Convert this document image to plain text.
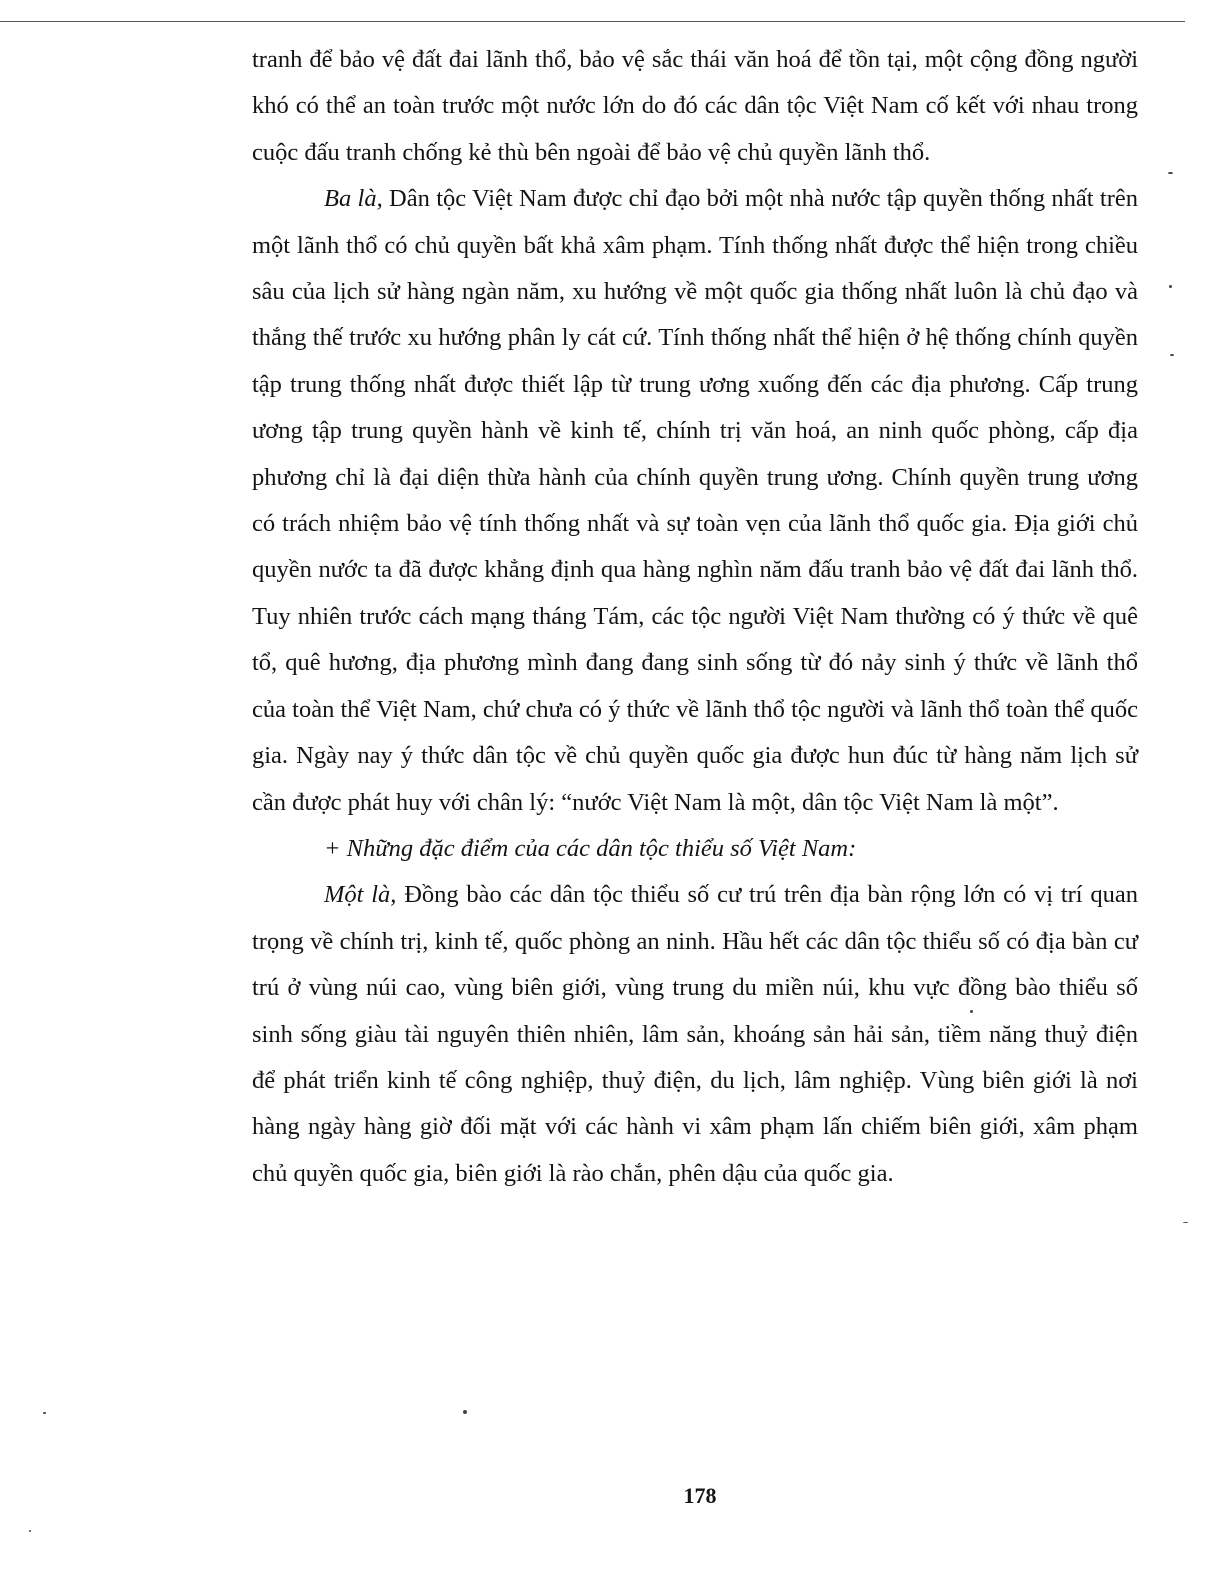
tranh để bảo vệ đất đai lãnh thổ, bảo vệ sắc thái văn hoá để tồn tại, một cộng đồng người khó có thể an toàn trước một nước lớn do đó các dân tộc Việt Nam cố kết với nhau trong cuộc đấu tranh chống kẻ thù bên ngoài để bảo vệ chủ quyền lãnh thổ.

Ba là, Dân tộc Việt Nam được chỉ đạo bởi một nhà nước tập quyền thống nhất trên một lãnh thổ có chủ quyền bất khả xâm phạm. Tính thống nhất được thể hiện trong chiều sâu của lịch sử hàng ngàn năm, xu hướng về một quốc gia thống nhất luôn là chủ đạo và thắng thế trước xu hướng phân ly cát cứ. Tính thống nhất thể hiện ở hệ thống chính quyền tập trung thống nhất được thiết lập từ trung ương xuống đến các địa phương. Cấp trung ương tập trung quyền hành về kinh tế, chính trị văn hoá, an ninh quốc phòng, cấp địa phương chỉ là đại diện thừa hành của chính quyền trung ương. Chính quyền trung ương có trách nhiệm bảo vệ tính thống nhất và sự toàn vẹn của lãnh thổ quốc gia. Địa giới chủ quyền nước ta đã được khẳng định qua hàng nghìn năm đấu tranh bảo vệ đất đai lãnh thổ. Tuy nhiên trước cách mạng tháng Tám, các tộc người Việt Nam thường có ý thức về quê tổ, quê hương, địa phương mình đang đang sinh sống từ đó nảy sinh ý thức về lãnh thổ của toàn thể Việt Nam, chứ chưa có ý thức về lãnh thổ tộc người và lãnh thổ toàn thể quốc gia. Ngày nay ý thức dân tộc về chủ quyền quốc gia được hun đúc từ hàng năm lịch sử cần được phát huy với chân lý: “nước Việt Nam là một, dân tộc Việt Nam là một”.

+ Những đặc điểm của các dân tộc thiểu số Việt Nam:

Một là, Đồng bào các dân tộc thiểu số cư trú trên địa bàn rộng lớn có vị trí quan trọng về chính trị, kinh tế, quốc phòng an ninh. Hầu hết các dân tộc thiểu số có địa bàn cư trú ở vùng núi cao, vùng biên giới, vùng trung du miền núi, khu vực đồng bào thiểu số sinh sống giàu tài nguyên thiên nhiên, lâm sản, khoáng sản hải sản, tiềm năng thuỷ điện để phát triển kinh tế công nghiệp, thuỷ điện, du lịch, lâm nghiệp. Vùng biên giới là nơi hàng ngày hàng giờ đối mặt với các hành vi xâm phạm lấn chiếm biên giới, xâm phạm chủ quyền quốc gia, biên giới là rào chắn, phên dậu của quốc gia.

178
